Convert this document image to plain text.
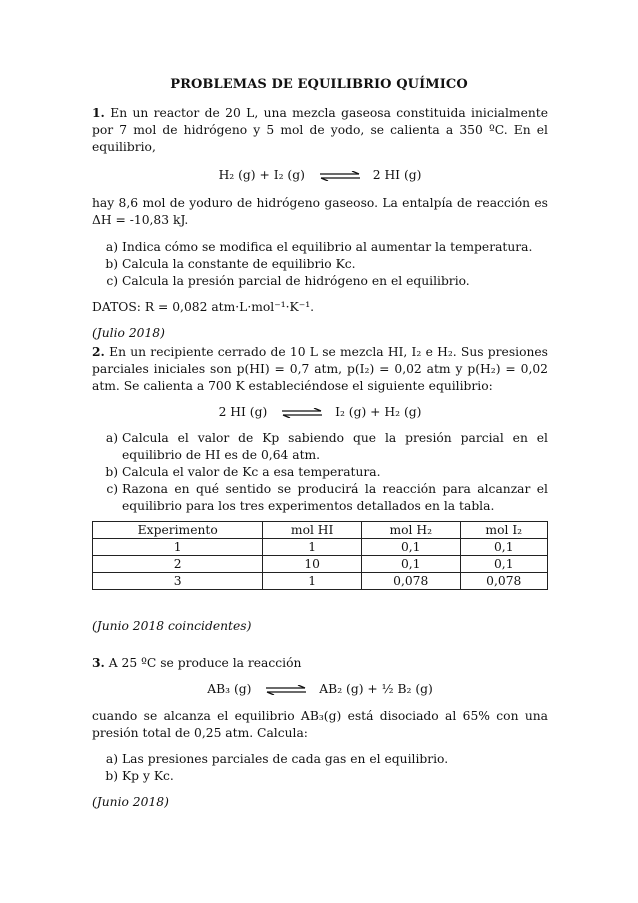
PROBLEMAS DE EQUILIBRIO QUÍMICO

1. En un reactor de 20 L, una mezcla gaseosa constituida inicialmente por 7 mol de hidrógeno y 5 mol de yodo, se calienta a 350 ºC. En el equilibrio,

H₂ (g) + I₂ (g) ⇌ 2 HI (g)

hay 8,6 mol de yoduro de hidrógeno gaseoso. La entalpía de reacción es ΔH = -10,83 kJ.

a) Indica cómo se modifica el equilibrio al aumentar la temperatura.
b) Calcula la constante de equilibrio Kc.
c) Calcula la presión parcial de hidrógeno en el equilibrio.

DATOS: R = 0,082 atm·L·mol⁻¹·K⁻¹.

(Julio 2018)

2. En un recipiente cerrado de 10 L se mezcla HI, I₂ e H₂. Sus presiones parciales iniciales son p(HI) = 0,7 atm, p(I₂) = 0,02 atm y p(H₂) = 0,02 atm. Se calienta a 700 K estableciéndose el siguiente equilibrio:

2 HI (g) ⇌ I₂ (g) + H₂ (g)

a) Calcula el valor de Kp sabiendo que la presión parcial en el equilibrio de HI es de 0,64 atm.
b) Calcula el valor de Kc a esa temperatura.
c) Razona en qué sentido se producirá la reacción para alcanzar el equilibrio para los tres experimentos detallados en la tabla.
Experimento	mol HI	mol H₂	mol I₂
1	1	0,1	0,1
2	10	0,1	0,1
3	1	0,078	0,078

(Junio 2018 coincidentes)

3. A 25 ºC se produce la reacción

AB₃ (g) ⇌ AB₂ (g) + ½ B₂ (g)

cuando se alcanza el equilibrio AB₃(g) está disociado al 65% con una presión total de 0,25 atm. Calcula:

a) Las presiones parciales de cada gas en el equilibrio.
b) Kp y Kc.

(Junio 2018)
